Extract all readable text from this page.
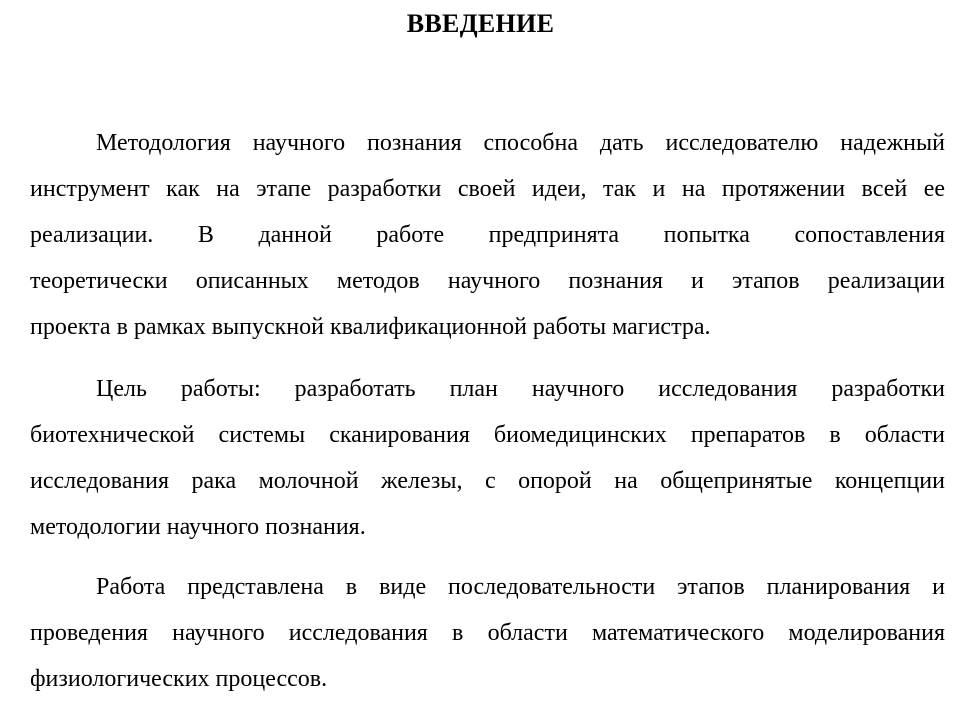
ВВЕДЕНИЕ

Методология научного познания способна дать исследователю надежный
инструмент как на этапе разработки своей идеи, так и на протяжении всей ее
реализации. В данной работе предпринята попытка сопоставления
теоретически описанных методов научного познания и этапов реализации
проекта в рамках выпускной квалификационной работы магистра.

Цель работы: разработать план научного исследования разработки
биотехнической системы сканирования биомедицинских препаратов в области
исследования рака молочной железы, с опорой на общепринятые концепции
методологии научного познания.

Работа представлена в виде последовательности этапов планирования и
проведения научного исследования в области математического моделирования
физиологических процессов.
